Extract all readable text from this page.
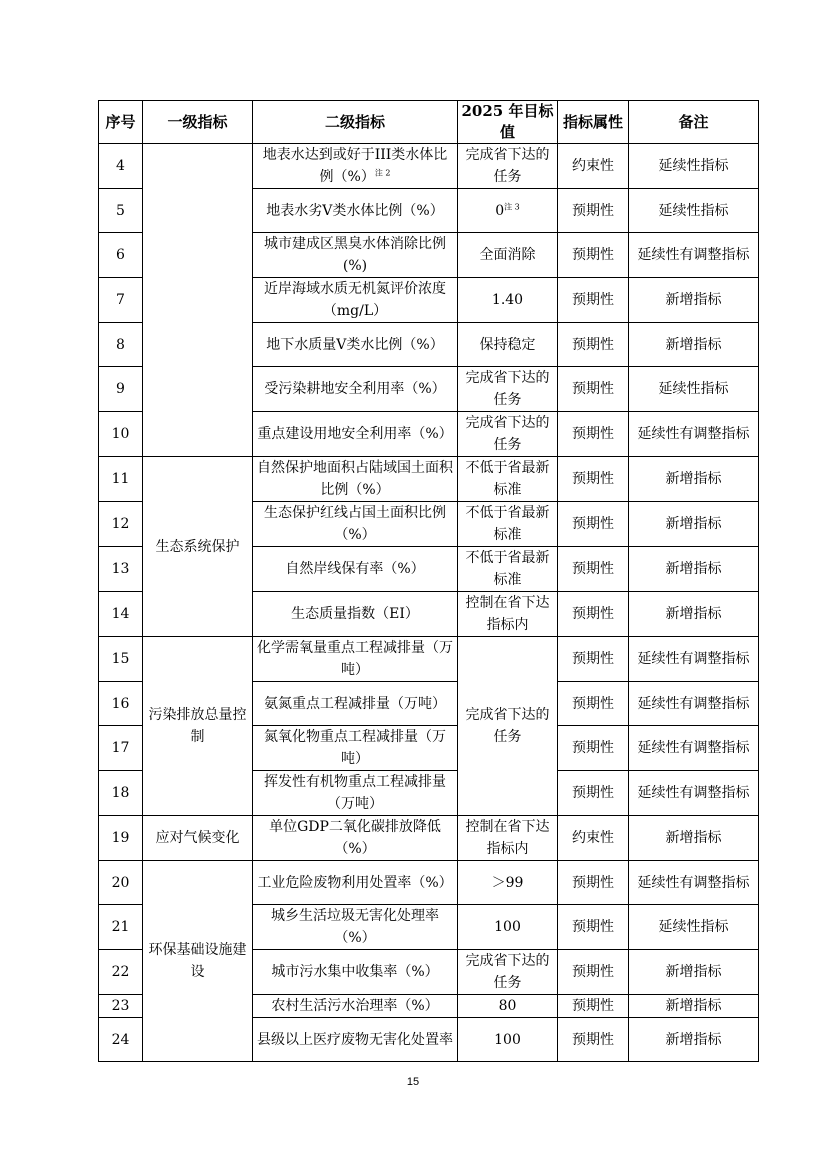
序号	一级指标	二级指标	2025 年目标值	指标属性	备注
4		地表水达到或好于III类水体比例（%）$^{注 2}$	完成省下达的任务	约束性	延续性指标
5		地表水劣V类水体比例（%）	$0^{注 3}$	预期性	延续性指标
6		城市建成区黑臭水体消除比例(%)	全面消除	预期性	延续性有调整指标
7		近岸海域水质无机氮评价浓度（mg/L）	1.40	预期性	新增指标
8		地下水质量V类水比例（%）	保持稳定	预期性	新增指标
9		受污染耕地安全利用率（%）	完成省下达的任务	预期性	延续性指标
10		重点建设用地安全利用率（%）	完成省下达的任务	预期性	延续性有调整指标
11	生态系统保护	自然保护地面积占陆域国土面积比例（%）	不低于省最新标准	预期性	新增指标
12		生态保护红线占国土面积比例（%）	不低于省最新标准	预期性	新增指标
13		自然岸线保有率（%）	不低于省最新标准	预期性	新增指标
14		生态质量指数（EI）	控制在省下达指标内	预期性	新增指标
15	污染排放总量控制	化学需氧量重点工程减排量（万吨）	完成省下达的任务	预期性	延续性有调整指标
16		氨氮重点工程减排量（万吨）		预期性	延续性有调整指标
17		氮氧化物重点工程减排量（万吨）		预期性	延续性有调整指标
18		挥发性有机物重点工程减排量（万吨）		预期性	延续性有调整指标
19	应对气候变化	单位GDP二氧化碳排放降低（%）	控制在省下达指标内	约束性	新增指标
20	环保基础设施建设	工业危险废物利用处置率（%）	＞99	预期性	延续性有调整指标
21		城乡生活垃圾无害化处理率（%）	100	预期性	延续性指标
22		城市污水集中收集率（%）	完成省下达的任务	预期性	新增指标
23		农村生活污水治理率（%）	80	预期性	新增指标
24		县级以上医疗废物无害化处置率	100	预期性	新增指标
15
